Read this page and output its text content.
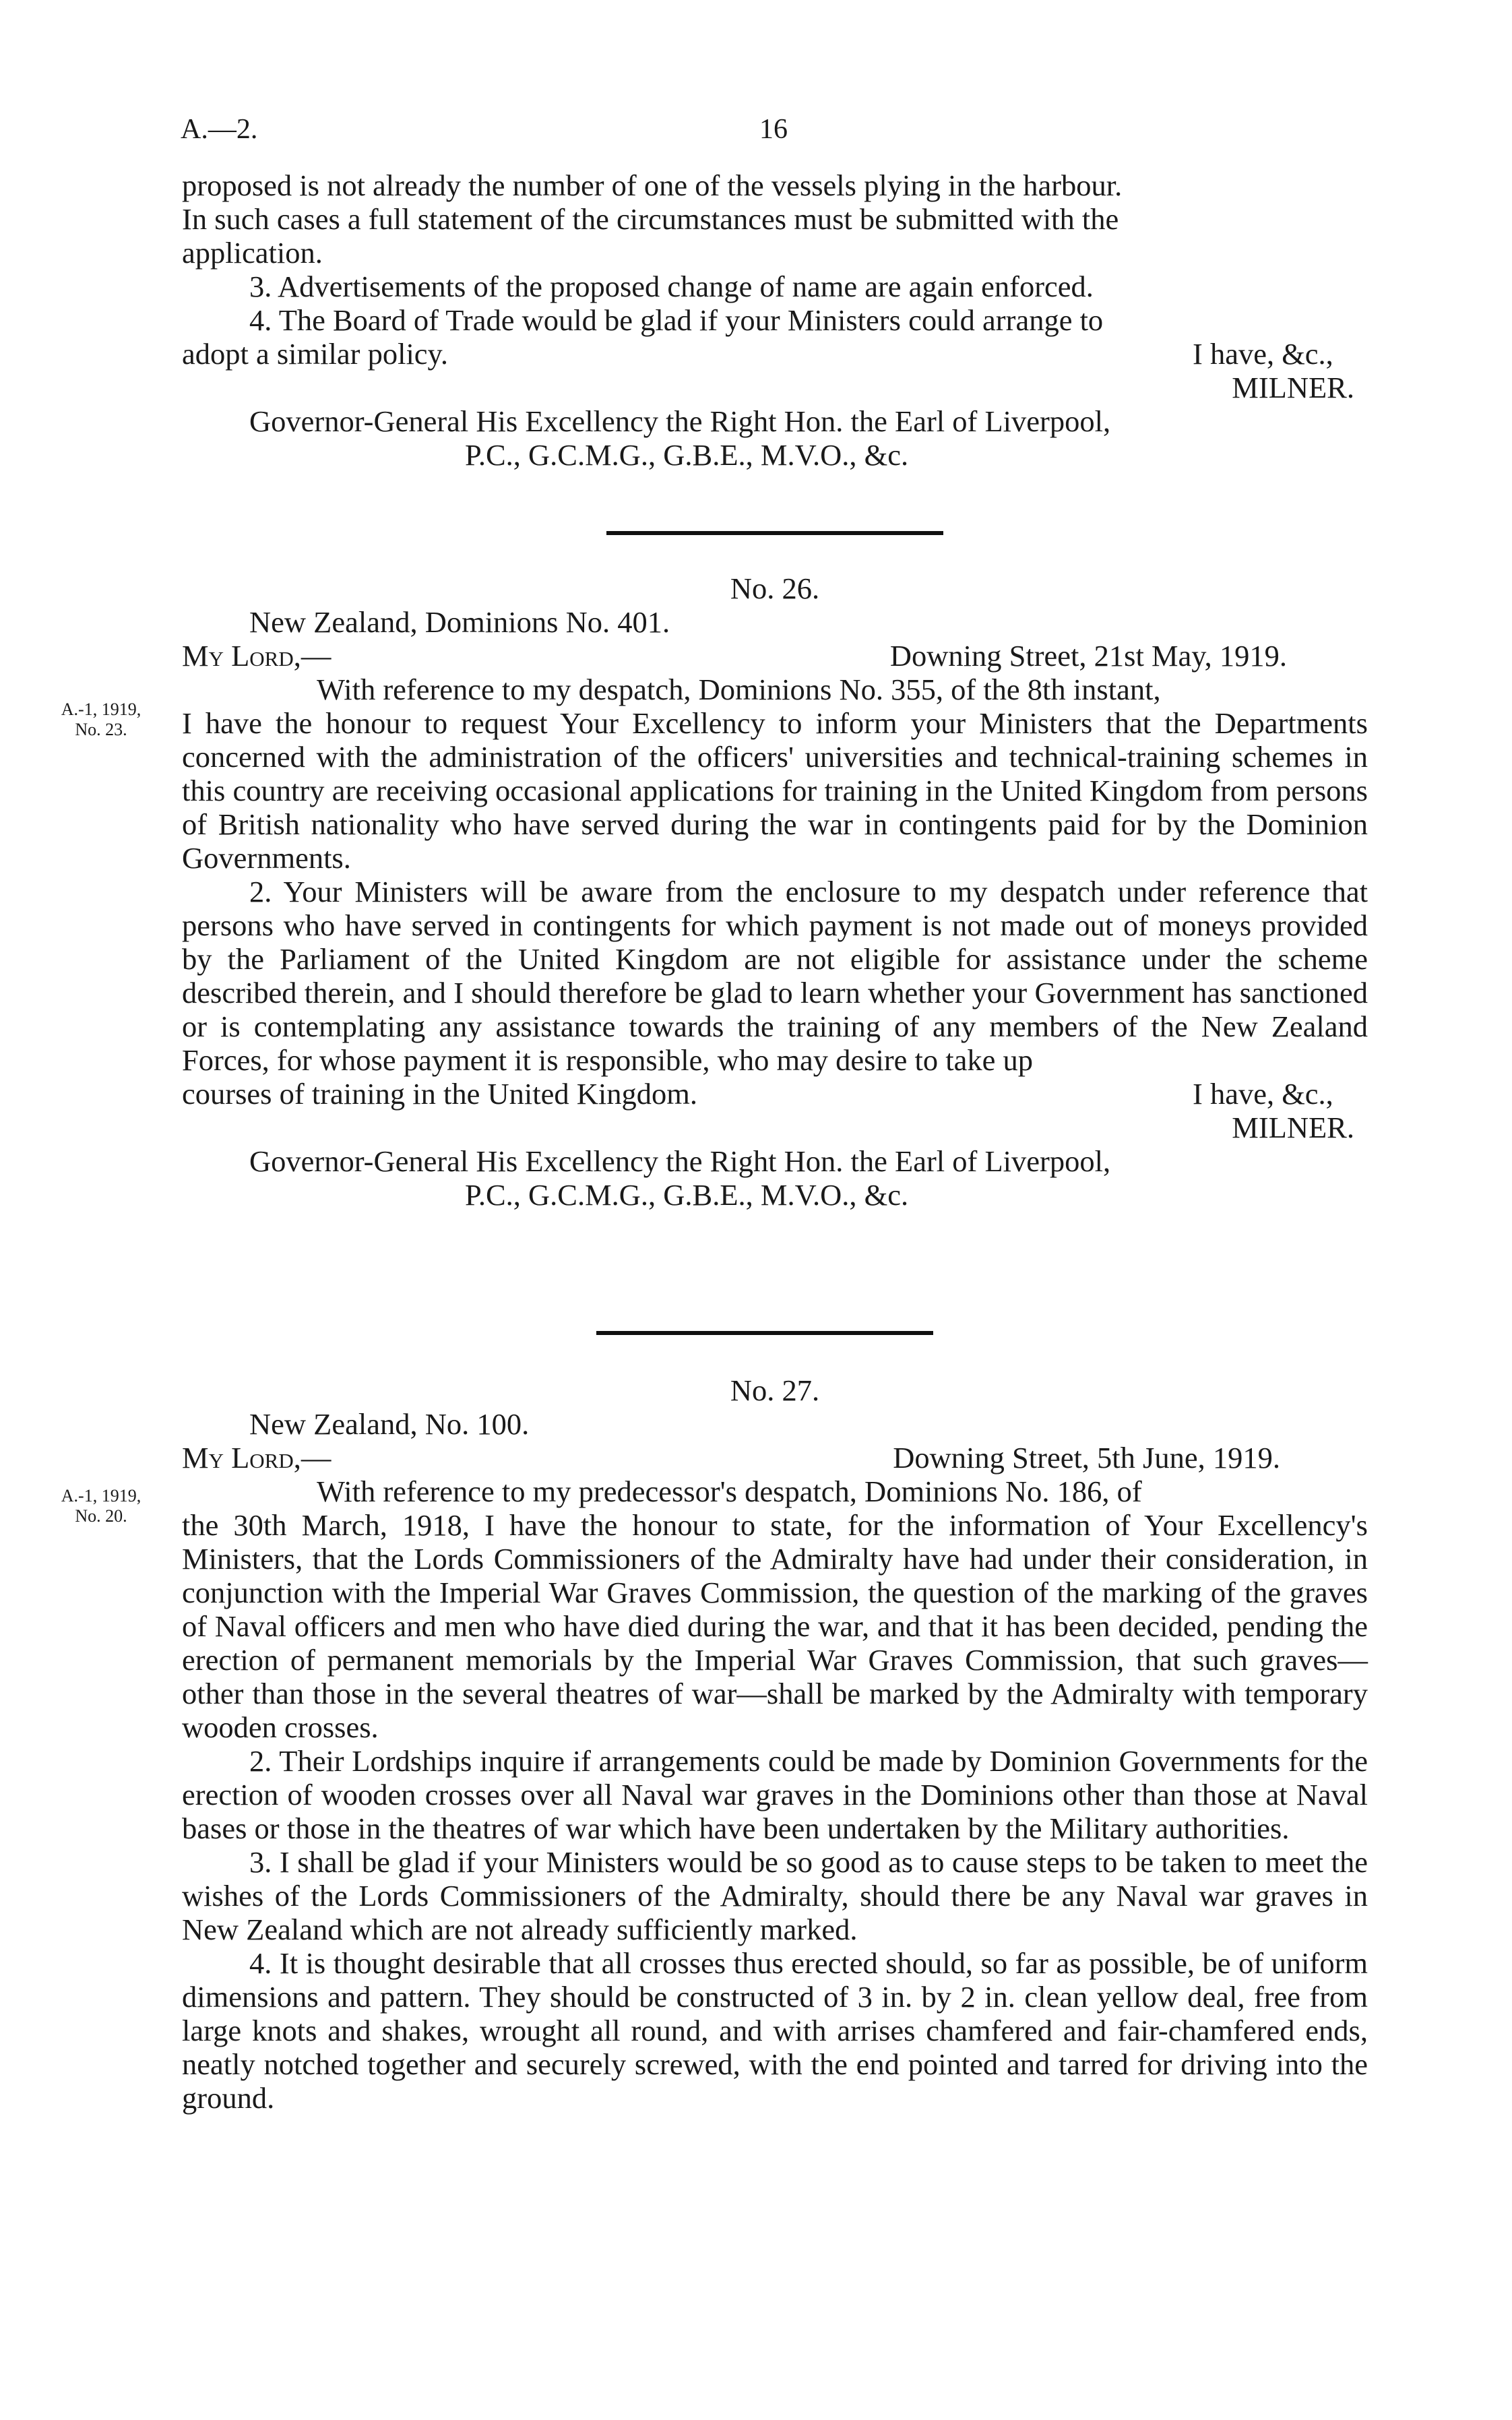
A.—2.	16

proposed is not already the number of one of the vessels plying in the harbour.

In such cases a full statement of the circumstances must be submitted with the

application.

3. Advertisements of the proposed change of name are again enforced.

4. The Board of Trade would be glad if your Ministers could arrange to

adopt a similar policy.	I have, &c.,

MILNER.

Governor-General His Excellency the Right Hon. the Earl of Liverpool,

P.C., G.C.M.G., G.B.E., M.V.O., &c.

A.-1, 1919,
No. 23.

No. 26.

New Zealand, Dominions No. 401.

My Lord,—	Downing Street, 21st May, 1919.

With reference to my despatch, Dominions No. 355, of the 8th instant,

I have the honour to request Your Excellency to inform your Ministers that the Departments concerned with the administration of the officers' universities and technical-training schemes in this country are receiving occasional applications for training in the United Kingdom from persons of British nationality who have served during the war in contingents paid for by the Dominion Governments.

2. Your Ministers will be aware from the enclosure to my despatch under reference that persons who have served in contingents for which payment is not made out of moneys provided by the Parliament of the United Kingdom are not eligible for assistance under the scheme described therein, and I should therefore be glad to learn whether your Government has sanctioned or is contemplating any assistance towards the training of any members of the New Zealand Forces, for whose payment it is responsible, who may desire to take up

courses of training in the United Kingdom.	I have, &c.,

MILNER.

Governor-General His Excellency the Right Hon. the Earl of Liverpool,

P.C., G.C.M.G., G.B.E., M.V.O., &c.

A.-1, 1919,
No. 20.

No. 27.

New Zealand, No. 100.

My Lord,—	Downing Street, 5th June, 1919.

With reference to my predecessor's despatch, Dominions No. 186, of

the 30th March, 1918, I have the honour to state, for the information of Your Excellency's Ministers, that the Lords Commissioners of the Admiralty have had under their consideration, in conjunction with the Imperial War Graves Commission, the question of the marking of the graves of Naval officers and men who have died during the war, and that it has been decided, pending the erection of permanent memorials by the Imperial War Graves Commission, that such graves—other than those in the several theatres of war—shall be marked by the Admiralty with temporary wooden crosses.

2. Their Lordships inquire if arrangements could be made by Dominion Governments for the erection of wooden crosses over all Naval war graves in the Dominions other than those at Naval bases or those in the theatres of war which have been undertaken by the Military authorities.

3. I shall be glad if your Ministers would be so good as to cause steps to be taken to meet the wishes of the Lords Commissioners of the Admiralty, should there be any Naval war graves in New Zealand which are not already sufficiently marked.

4. It is thought desirable that all crosses thus erected should, so far as possible, be of uniform dimensions and pattern. They should be constructed of 3 in. by 2 in. clean yellow deal, free from large knots and shakes, wrought all round, and with arrises chamfered and fair-chamfered ends, neatly notched together and securely screwed, with the end pointed and tarred for driving into the ground.
